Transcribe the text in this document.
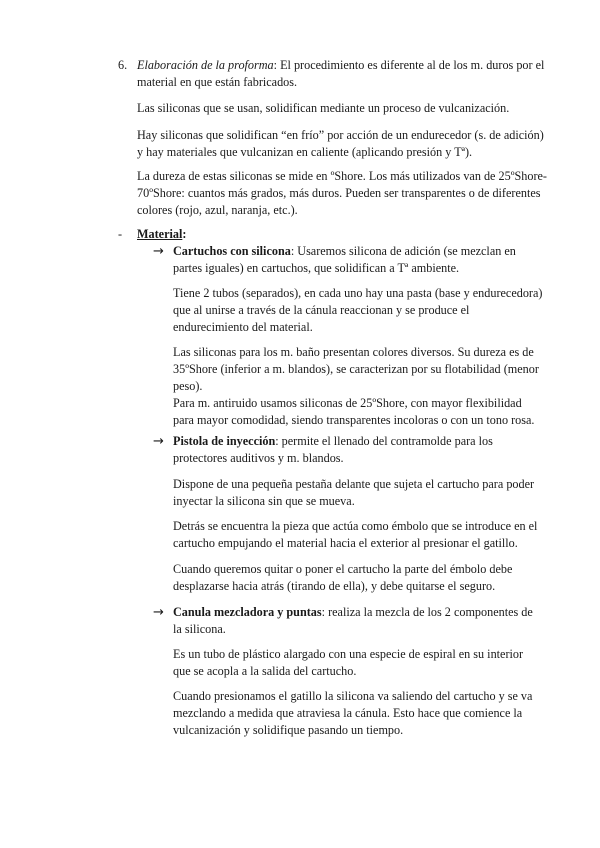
6. Elaboración de la proforma: El procedimiento es diferente al de los m. duros por el material en que están fabricados.

Las siliconas que se usan, solidifican mediante un proceso de vulcanización.

Hay siliconas que solidifican “en frío” por acción de un endurecedor (s. de adición) y hay materiales que vulcanizan en caliente (aplicando presión y Tª).

La dureza de estas siliconas se mide en ºShore. Los más utilizados van de 25ºShore-70ºShore: cuantos más grados, más duros. Pueden ser transparentes o de diferentes colores (rojo, azul, naranja, etc.).

- Material:

→ Cartuchos con silicona: Usaremos silicona de adición (se mezclan en partes iguales) en cartuchos, que solidifican a Tª ambiente.

Tiene 2 tubos (separados), en cada uno hay una pasta (base y endurecedora) que al unirse a través de la cánula reaccionan y se produce el endurecimiento del material.

Las siliconas para los m. baño presentan colores diversos. Su dureza es de 35ºShore (inferior a m. blandos), se caracterizan por su flotabilidad (menor peso).

Para m. antiruido usamos siliconas de 25ºShore, con mayor flexibilidad para mayor comodidad, siendo transparentes incoloras o con un tono rosa.

→ Pistola de inyección: permite el llenado del contramolde para los protectores auditivos y m. blandos.

Dispone de una pequeña pestaña delante que sujeta el cartucho para poder inyectar la silicona sin que se mueva.

Detrás se encuentra la pieza que actúa como émbolo que se introduce en el cartucho empujando el material hacia el exterior al presionar el gatillo.

Cuando queremos quitar o poner el cartucho la parte del émbolo debe desplazarse hacia atrás (tirando de ella), y debe quitarse el seguro.

→ Canula mezcladora y puntas: realiza la mezcla de los 2 componentes de la silicona.

Es un tubo de plástico alargado con una especie de espiral en su interior que se acopla a la salida del cartucho.

Cuando presionamos el gatillo la silicona va saliendo del cartucho y se va mezclando a medida que atraviesa la cánula. Esto hace que comience la vulcanización y solidifique pasando un tiempo.
